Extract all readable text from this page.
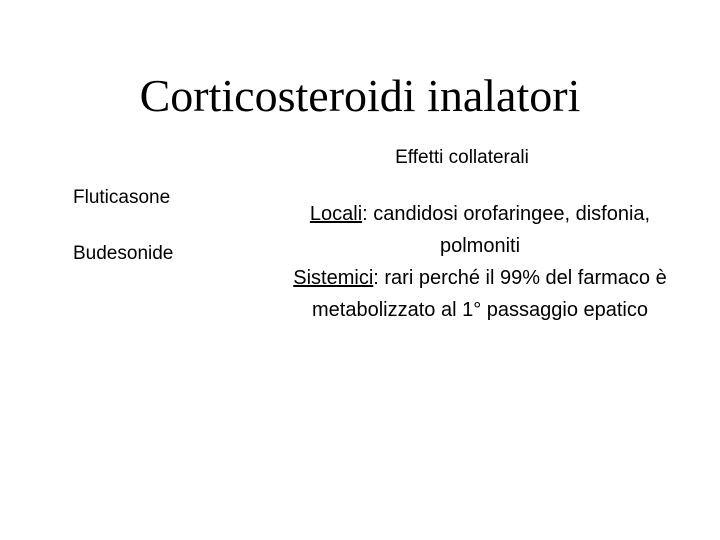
Corticosteroidi inalatori
Effetti collaterali
Fluticasone
Budesonide
Locali: candidosi orofaringee, disfonia,
polmoniti
Sistemici: rari perché il 99% del farmaco è
metabolizzato al 1° passaggio epatico
